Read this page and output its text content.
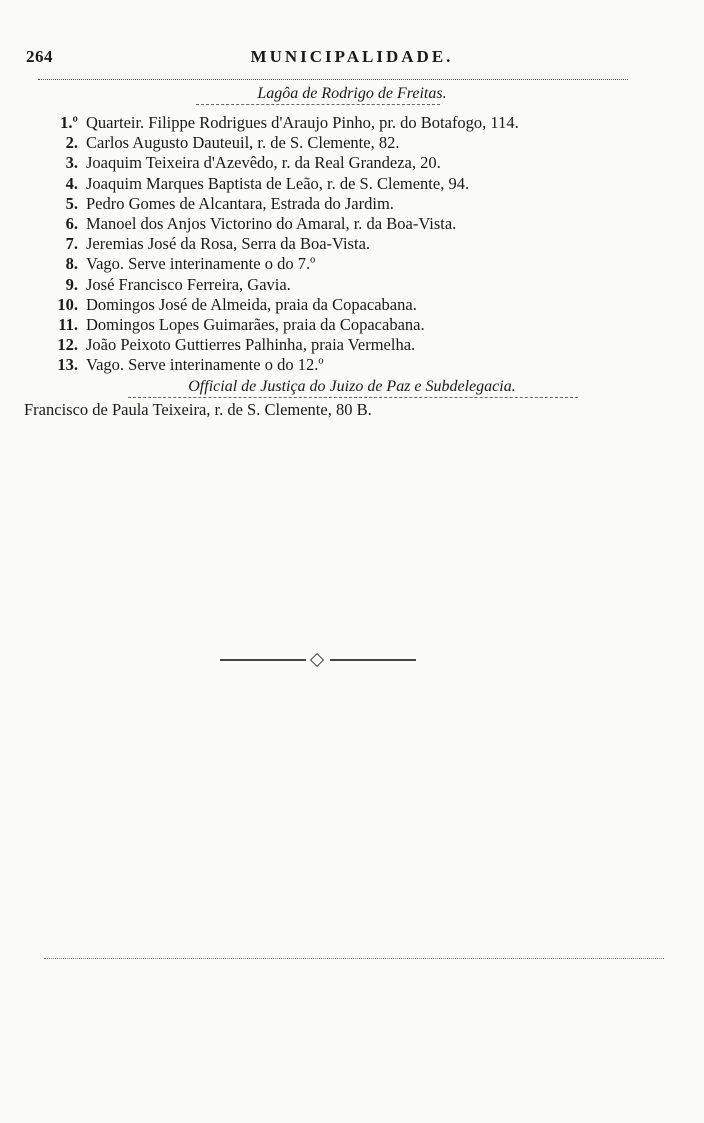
264	MUNICIPALIDADE.
Lagôa de Rodrigo de Freitas.
1.º Quarteir. Filippe Rodrigues d'Araujo Pinho, pr. do Botafogo, 114.
2. Carlos Augusto Dauteuil, r. de S. Clemente, 82.
3. Joaquim Teixeira d'Azevêdo, r. da Real Grandeza, 20.
4. Joaquim Marques Baptista de Leão, r. de S. Clemente, 94.
5. Pedro Gomes de Alcantara, Estrada do Jardim.
6. Manoel dos Anjos Victorino do Amaral, r. da Boa-Vista.
7. Jeremias José da Rosa, Serra da Boa-Vista.
8. Vago. Serve interinamente o do 7.º
9. José Francisco Ferreira, Gavia.
10. Domingos José de Almeida, praia da Copacabana.
11. Domingos Lopes Guimarães, praia da Copacabana.
12. João Peixoto Guttierres Palhinha, praia Vermelha.
13. Vago. Serve interinamente o do 12.º
Official de Justiça do Juizo de Paz e Subdelegacia.
Francisco de Paula Teixeira, r. de S. Clemente, 80 B.
